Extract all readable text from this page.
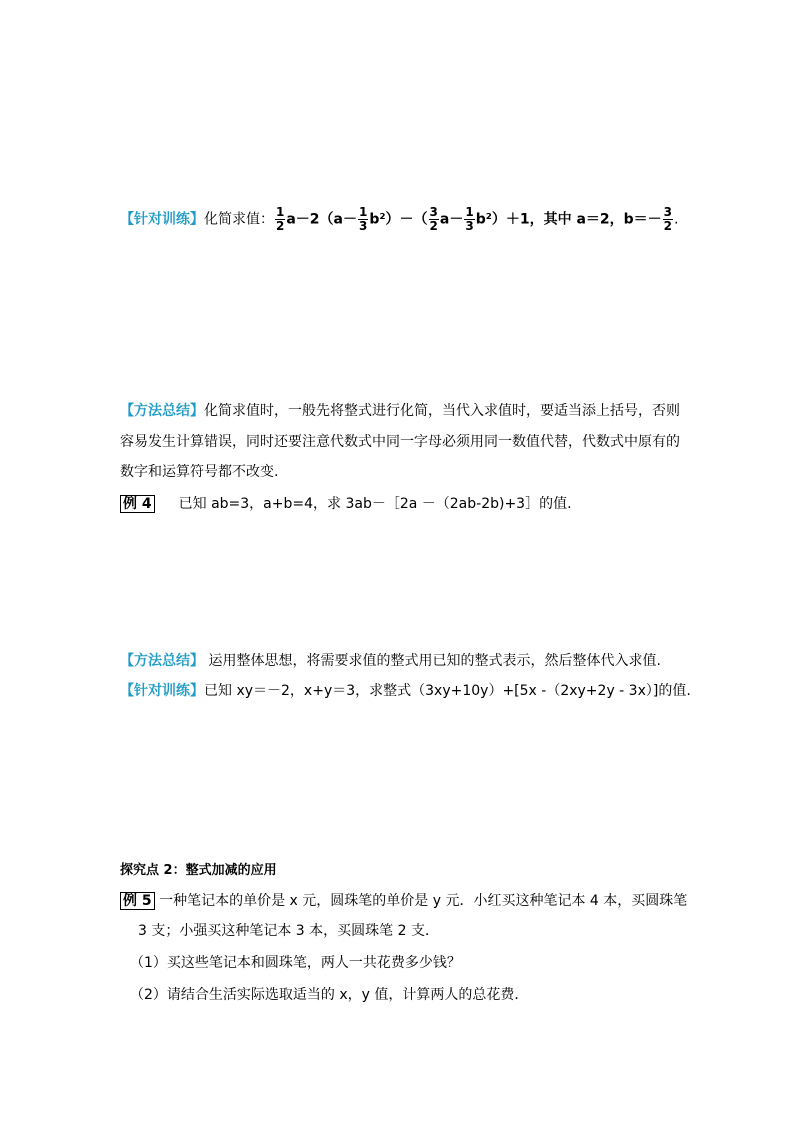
【针对训练】化简求值： $\frac{1}{2} a-2(a- \frac{1}{3} b^2)-( \frac{3}{2} a- \frac{1}{3} b^2)+1$，其中 a＝2，$b=- \frac{3}{2}$ .
【方法总结】化简求值时，一般先将整式进行化简，当代入求值时，要适当添上括号，否则
容易发生计算错误，同时还要注意代数式中同一字母必须用同一数值代替，代数式中原有的
数字和运算符号都不改变.
例 4 已知 ab=3，a+b=4，求 3ab－［2a －（2ab-2b)+3］的值.
【方法总结】 运用整体思想，将需要求值的整式用已知的整式表示，然后整体代入求值.
【针对训练】已知 xy＝－2，x+y＝3，求整式（3xy+10y）+[5x -（2xy+2y - 3x）]的值.
探究点 2：整式加减的应用
例 5 一种笔记本的单价是 x 元，圆珠笔的单价是 y 元．小红买这种笔记本 4 本，买圆珠笔
3 支；小强买这种笔记本 3 本，买圆珠笔 2 支．
（1）买这些笔记本和圆珠笔，两人一共花费多少钱？
（2）请结合生活实际选取适当的 x，y 值，计算两人的总花费．
